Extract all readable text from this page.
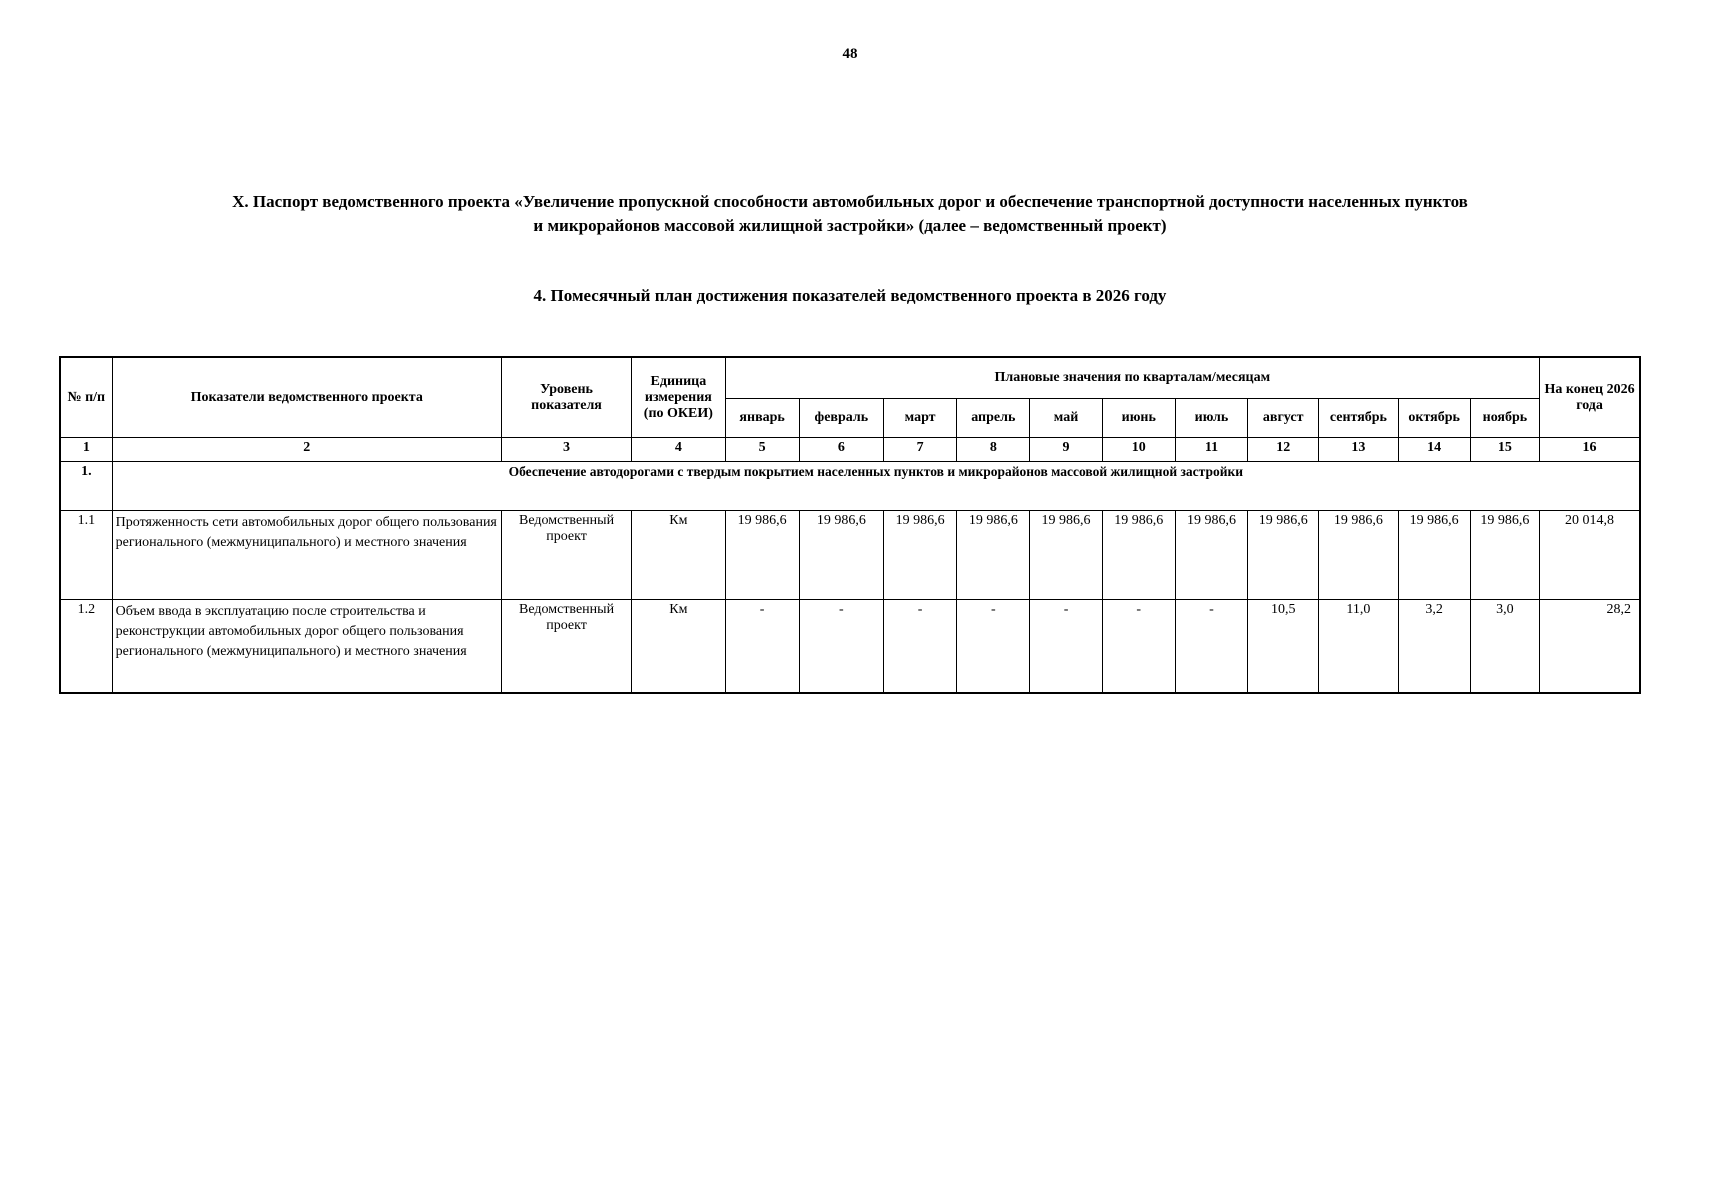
48
X. Паспорт ведомственного проекта «Увеличение пропускной способности автомобильных дорог и обеспечение транспортной доступности населенных пунктов
и микрорайонов массовой жилищной застройки» (далее – ведомственный проект)
4. Помесячный план достижения показателей ведомственного проекта в 2026 году
№ п/п	Показатели ведомственного проекта	Уровень показателя	Единица измерения (по ОКЕИ)	Плановые значения по кварталам/месяцам											На конец 2026 года
				январь	февраль	март	апрель	май	июнь	июль	август	сентябрь	октябрь	ноябрь	
1	2	3	4	5	6	7	8	9	10	11	12	13	14	15	16
1.	Обеспечение автодорогами с твердым покрытием населенных пунктов и микрорайонов массовой жилищной застройки														
1.1	Протяженность сети автомобильных дорог общего пользования регионального (межмуниципального) и местного значения	Ведомственный проект	Км	19 986,6	19 986,6	19 986,6	19 986,6	19 986,6	19 986,6	19 986,6	19 986,6	19 986,6	19 986,6	19 986,6	20 014,8
1.2	Объем ввода в эксплуатацию после строительства и реконструкции автомобильных дорог общего пользования регионального (межмуниципального) и местного значения	Ведомственный проект	Км	-	-	-	-	-	-	-	10,5	11,0	3,2	3,0	28,2
